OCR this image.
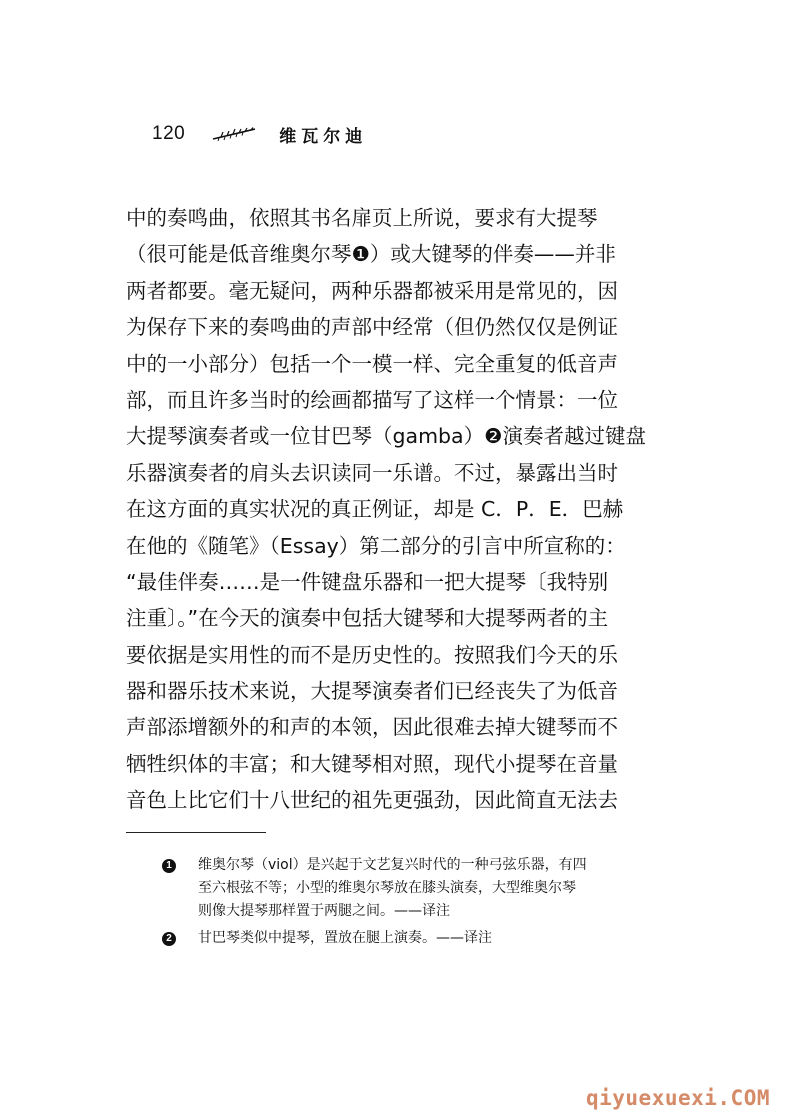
120	维瓦尔迪
中的奏鸣曲，依照其书名扉页上所说，要求有大提琴
（很可能是低音维奥尔琴❶）或大键琴的伴奏——并非
两者都要。毫无疑问，两种乐器都被采用是常见的，因
为保存下来的奏鸣曲的声部中经常（但仍然仅仅是例证
中的一小部分）包括一个一模一样、完全重复的低音声
部，而且许多当时的绘画都描写了这样一个情景：一位
大提琴演奏者或一位甘巴琴（gamba）❷演奏者越过键盘
乐器演奏者的肩头去识读同一乐谱。不过，暴露出当时
在这方面的真实状况的真正例证，却是 C．P．E．巴赫
在他的《随笔》（Essay）第二部分的引言中所宣称的：
“最佳伴奏……是一件键盘乐器和一把大提琴〔我特别
注重〕。”在今天的演奏中包括大键琴和大提琴两者的主
要依据是实用性的而不是历史性的。按照我们今天的乐
器和器乐技术来说，大提琴演奏者们已经丧失了为低音
声部添增额外的和声的本领，因此很难去掉大键琴而不
牺牲织体的丰富；和大键琴相对照，现代小提琴在音量
音色上比它们十八世纪的祖先更强劲，因此简直无法去
1	维奥尔琴（viol）是兴起于文艺复兴时代的一种弓弦乐器，有四
至六根弦不等；小型的维奥尔琴放在膝头演奏，大型维奥尔琴
则像大提琴那样置于两腿之间。——译注
2	甘巴琴类似中提琴，置放在腿上演奏。——译注
qiyuexuexi.COM
